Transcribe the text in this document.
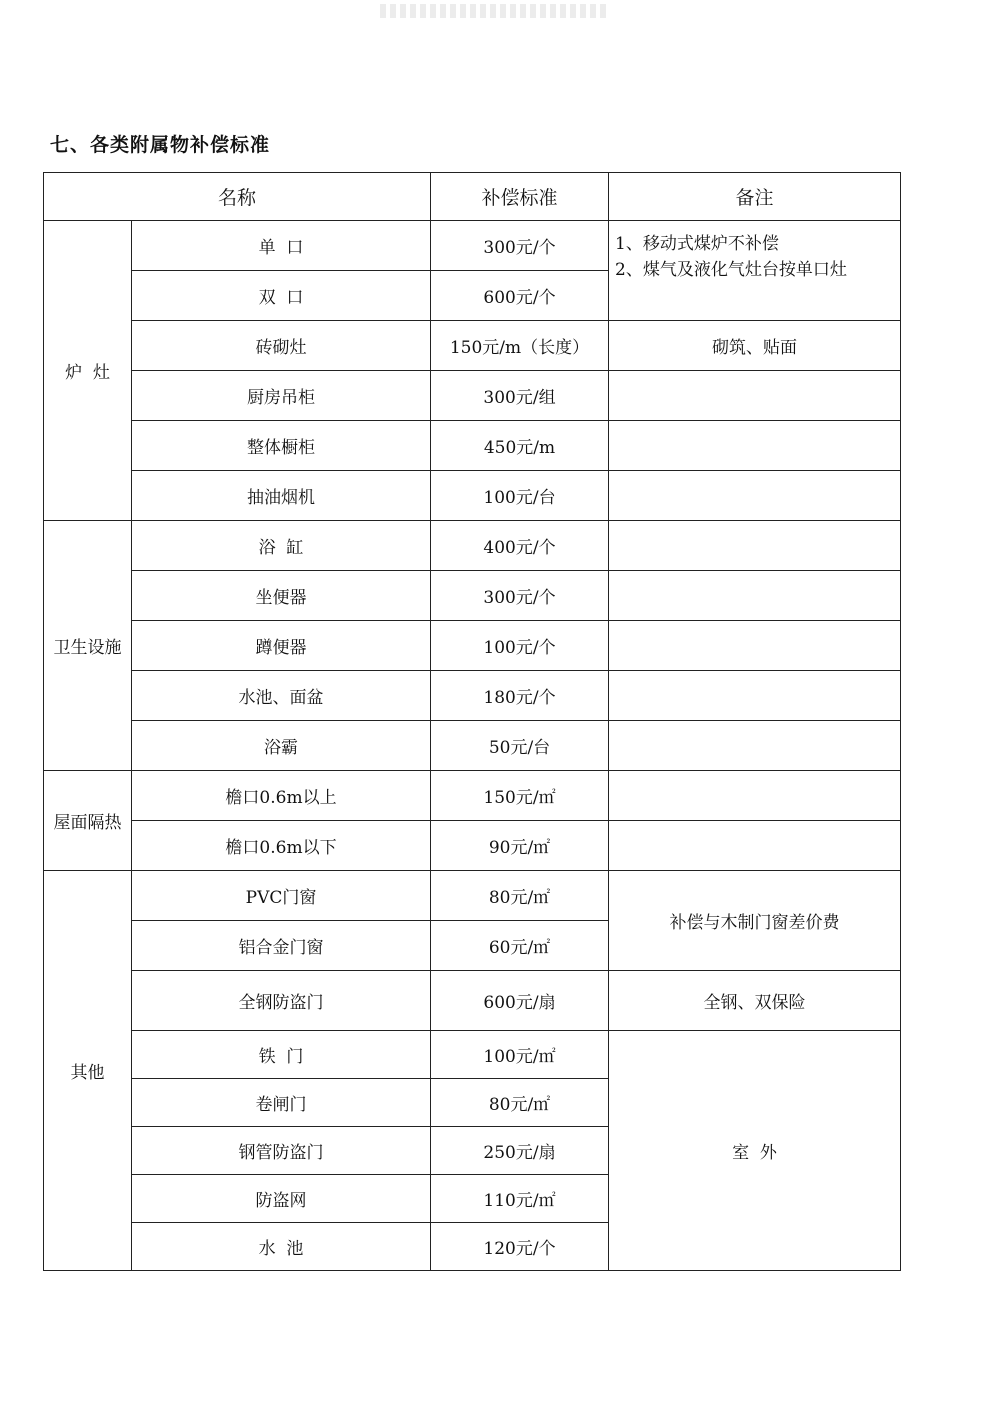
七、各类附属物补偿标准
名称		补偿标准	备注
炉  灶	单  口	300元/个	1、移动式煤炉不补偿
2、煤气及液化气灶台按单口灶

	双  口	600元/个	
	砖砌灶	150元/m（长度）	砌筑、贴面
	厨房吊柜	300元/组	
	整体橱柜	450元/m	
	抽油烟机	100元/台	
卫生设施	浴  缸	400元/个	
	坐便器	300元/个	
	蹲便器	100元/个	
	水池、面盆	180元/个	
	浴霸	50元/台	
屋面隔热	檐口0.6m以上	150元/㎡	
	檐口0.6m以下	90元/㎡	
其他	PVC门窗	80元/㎡	补偿与木制门窗差价费
	铝合金门窗	60元/㎡	
	全钢防盗门	600元/扇	全钢、双保险
	铁  门	100元/㎡	室  外
	卷闸门	80元/㎡	
	钢管防盗门	250元/扇	
	防盗网	110元/㎡	
	水  池	120元/个	
